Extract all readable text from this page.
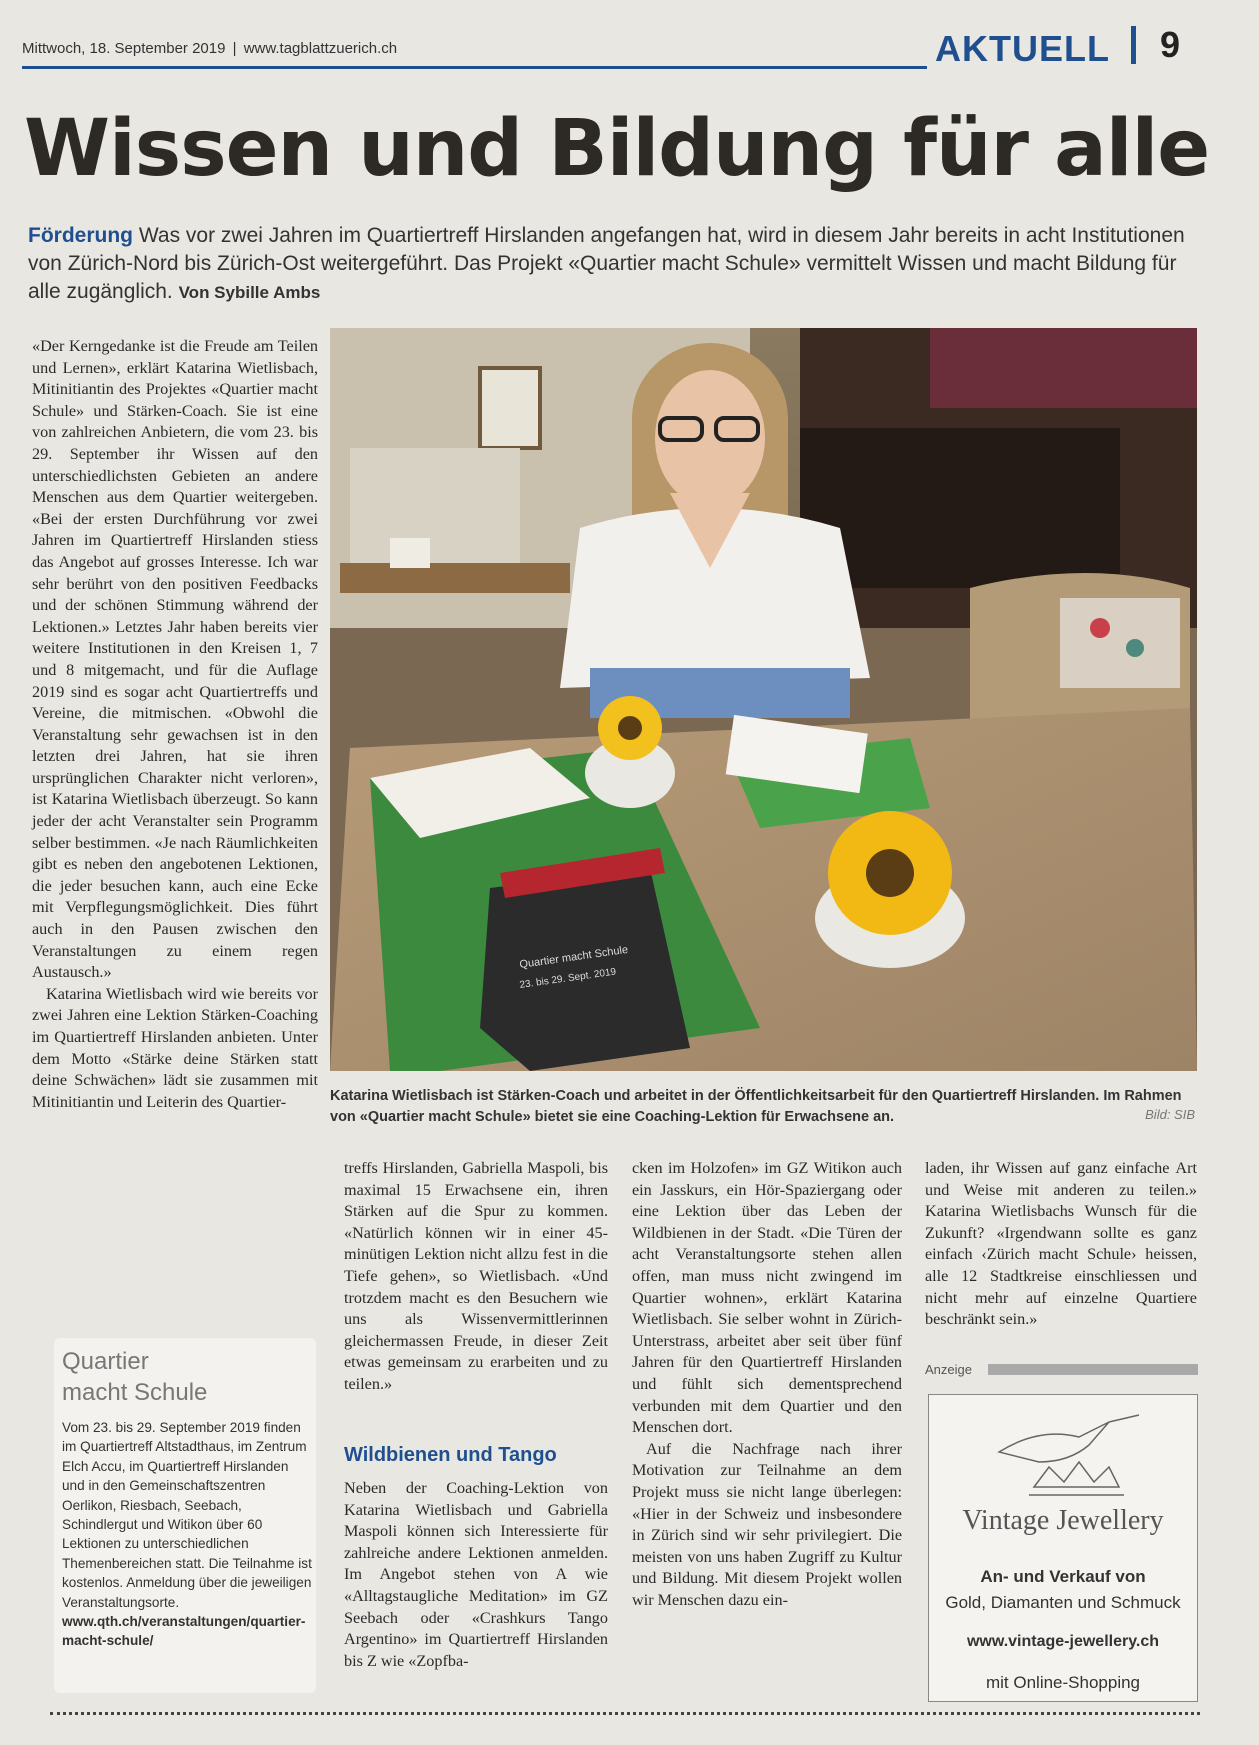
Mittwoch, 18. September 2019 | www.tagblattzuerich.ch	AKTUELL 9
Wissen und Bildung für alle

Förderung Was vor zwei Jahren im Quartiertreff Hirslanden angefangen hat, wird in diesem Jahr bereits in acht Institutionen von Zürich-Nord bis Zürich-Ost weitergeführt. Das Projekt «Quartier macht Schule» vermittelt Wissen und macht Bildung für alle zugänglich. Von Sybille Ambs

«Der Kerngedanke ist die Freude am Teilen und Lernen», erklärt Katarina Wietlisbach, Mitinitiantin des Projektes «Quartier macht Schule» und Stärken-Coach. Sie ist eine von zahlreichen Anbietern, die vom 23. bis 29. September ihr Wissen auf den unterschiedlichsten Gebieten an andere Menschen aus dem Quartier weitergeben. «Bei der ersten Durchführung vor zwei Jahren im Quartiertreff Hirslanden stiess das Angebot auf grosses Interesse. Ich war sehr berührt von den positiven Feedbacks und der schönen Stimmung während der Lektionen.» Letztes Jahr haben bereits vier weitere Institutionen in den Kreisen 1, 7 und 8 mitgemacht, und für die Auflage 2019 sind es sogar acht Quartiertreffs und Vereine, die mitmischen. «Obwohl die Veranstaltung sehr gewachsen ist in den letzten drei Jahren, hat sie ihren ursprünglichen Charakter nicht verloren», ist Katarina Wietlisbach überzeugt. So kann jeder der acht Veranstalter sein Programm selber bestimmen. «Je nach Räumlichkeiten gibt es neben den angebotenen Lektionen, die jeder besuchen kann, auch eine Ecke mit Verpflegungsmöglichkeit. Dies führt auch in den Pausen zwischen den Veranstaltungen zu einem regen Austausch.»

Katarina Wietlisbach wird wie bereits vor zwei Jahren eine Lektion Stärken-Coaching im Quartiertreff Hirslanden anbieten. Unter dem Motto «Stärke deine Stärken statt deine Schwächen» lädt sie zusammen mit Mitinitiantin und Leiterin des Quartier-

Quartier macht Schule
23. bis 29. Sept. 2019
Katarina Wietlisbach ist Stärken-Coach und arbeitet in der Öffentlichkeitsarbeit für den Quartiertreff Hirslanden. Im Rahmen von «Quartier macht Schule» bietet sie eine Coaching-Lektion für Erwachsene an.	Bild: SIB

treffs Hirslanden, Gabriella Maspoli, bis maximal 15 Erwachsene ein, ihren Stärken auf die Spur zu kommen. «Natürlich können wir in einer 45-minütigen Lektion nicht allzu fest in die Tiefe gehen», so Wietlisbach. «Und trotzdem macht es den Besuchern wie uns als Wissenvermittlerinnen gleichermassen Freude, in dieser Zeit etwas gemeinsam zu erarbeiten und zu teilen.»

Wildbienen und Tango

Neben der Coaching-Lektion von Katarina Wietlisbach und Gabriella Maspoli können sich Interessierte für zahlreiche andere Lektionen anmelden. Im Angebot stehen von A wie «Alltagstaugliche Meditation» im GZ Seebach oder «Crashkurs Tango Argentino» im Quartiertreff Hirslanden bis Z wie «Zopfba-

cken im Holzofen» im GZ Witikon auch ein Jasskurs, ein Hör-Spaziergang oder eine Lektion über das Leben der Wildbienen in der Stadt. «Die Türen der acht Veranstaltungsorte stehen allen offen, man muss nicht zwingend im Quartier wohnen», erklärt Katarina Wietlisbach. Sie selber wohnt in Zürich-Unterstrass, arbeitet aber seit über fünf Jahren für den Quartiertreff Hirslanden und fühlt sich dementsprechend verbunden mit dem Quartier und den Menschen dort.

Auf die Nachfrage nach ihrer Motivation zur Teilnahme an dem Projekt muss sie nicht lange überlegen: «Hier in der Schweiz und insbesondere in Zürich sind wir sehr privilegiert. Die meisten von uns haben Zugriff zu Kultur und Bildung. Mit diesem Projekt wollen wir Menschen dazu ein-

laden, ihr Wissen auf ganz einfache Art und Weise mit anderen zu teilen.» Katarina Wietlisbachs Wunsch für die Zukunft? «Irgendwann sollte es ganz einfach ‹Zürich macht Schule› heissen, alle 12 Stadtkreise einschliessen und nicht mehr auf einzelne Quartiere beschränkt sein.»

Quartier
macht Schule
Vom 23. bis 29. September 2019 finden im Quartiertreff Altstadthaus, im Zentrum Elch Accu, im Quartiertreff Hirslanden und in den Gemeinschaftszentren Oerlikon, Riesbach, Seebach, Schindlergut und Witikon über 60 Lektionen zu unterschiedlichen Themenbereichen statt. Die Teilnahme ist kostenlos. Anmeldung über die jeweiligen Veranstaltungsorte.
www.qth.ch/veranstaltungen/quartier-macht-schule/
Anzeige
Vintage Jewellery
An- und Verkauf von
Gold, Diamanten und Schmuck
www.vintage-jewellery.ch
mit Online-Shopping
